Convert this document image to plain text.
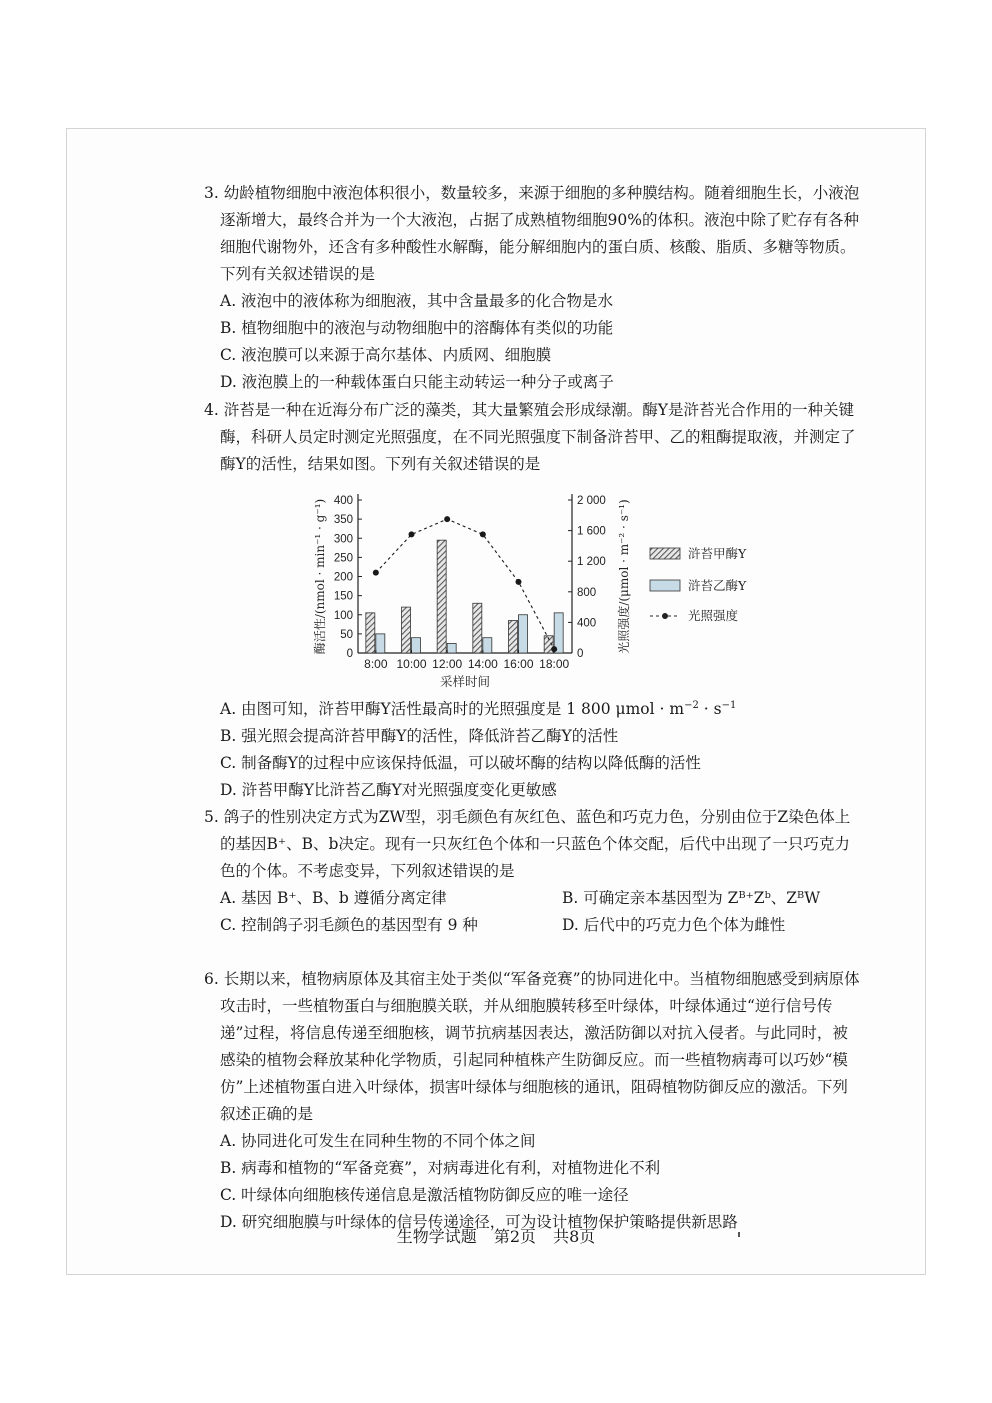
3. 幼龄植物细胞中液泡体积很小，数量较多，来源于细胞的多种膜结构。随着细胞生长，小液泡逐渐增大，最终合并为一个大液泡，占据了成熟植物细胞90%的体积。液泡中除了贮存有各种细胞代谢物外，还含有多种酸性水解酶，能分解细胞内的蛋白质、核酸、脂质、多糖等物质。下列有关叙述错误的是

A. 液泡中的液体称为细胞液，其中含量最多的化合物是水

B. 植物细胞中的液泡与动物细胞中的溶酶体有类似的功能

C. 液泡膜可以来源于高尔基体、内质网、细胞膜

D. 液泡膜上的一种载体蛋白只能主动转运一种分子或离子

4. 浒苔是一种在近海分布广泛的藻类，其大量繁殖会形成绿潮。酶Y是浒苔光合作用的一种关键酶，科研人员定时测定光照强度，在不同光照强度下制备浒苔甲、乙的粗酶提取液，并测定了酶Y的活性，结果如图。下列有关叙述错误的是

0
50
100
150
200
250
300
350
400
0
400
800
1 200
1 600
2 000
8:00 10:00 12:00 14:00 16:00 18:00
采样时间
酶活性/(nmol · min⁻¹ · g⁻¹)	光照强度/(μmol · m⁻² · s⁻¹)	浒苔甲酶Y
浒苔乙酶Y
光照强度

A. 由图可知，浒苔甲酶Y活性最高时的光照强度是 1 800 $\mu mol \cdot m^{-2} \cdot s^{-1}$

B. 强光照会提高浒苔甲酶Y的活性，降低浒苔乙酶Y的活性

C. 制备酶Y的过程中应该保持低温，可以破坏酶的结构以降低酶的活性

D. 浒苔甲酶Y比浒苔乙酶Y对光照强度变化更敏感

5. 鸽子的性别决定方式为ZW型，羽毛颜色有灰红色、蓝色和巧克力色，分别由位于Z染色体上的基因B⁺、B、b决定。现有一只灰红色个体和一只蓝色个体交配，后代中出现了一只巧克力色的个体。不考虑变异，下列叙述错误的是

A. 基因 B⁺、B、b 遵循分离定律	B. 可确定亲本基因型为 Zᴮ⁺Zᵇ、ZᴮW
C. 控制鸽子羽毛颜色的基因型有 9 种	D. 后代中的巧克力色个体为雌性

6. 长期以来，植物病原体及其宿主处于类似“军备竞赛”的协同进化中。当植物细胞感受到病原体攻击时，一些植物蛋白与细胞膜关联，并从细胞膜转移至叶绿体，叶绿体通过“逆行信号传递”过程，将信息传递至细胞核，调节抗病基因表达，激活防御以对抗入侵者。与此同时，被感染的植物会释放某种化学物质，引起同种植株产生防御反应。而一些植物病毒可以巧妙“模仿”上述植物蛋白进入叶绿体，损害叶绿体与细胞核的通讯，阻碍植物防御反应的激活。下列叙述正确的是

A. 协同进化可发生在同种生物的不同个体之间

B. 病毒和植物的“军备竞赛”，对病毒进化有利，对植物进化不利

C. 叶绿体向细胞核传递信息是激活植物防御反应的唯一途径

D. 研究细胞膜与叶绿体的信号传递途径，可为设计植物保护策略提供新思路

生物学试题 第2页 共8页
